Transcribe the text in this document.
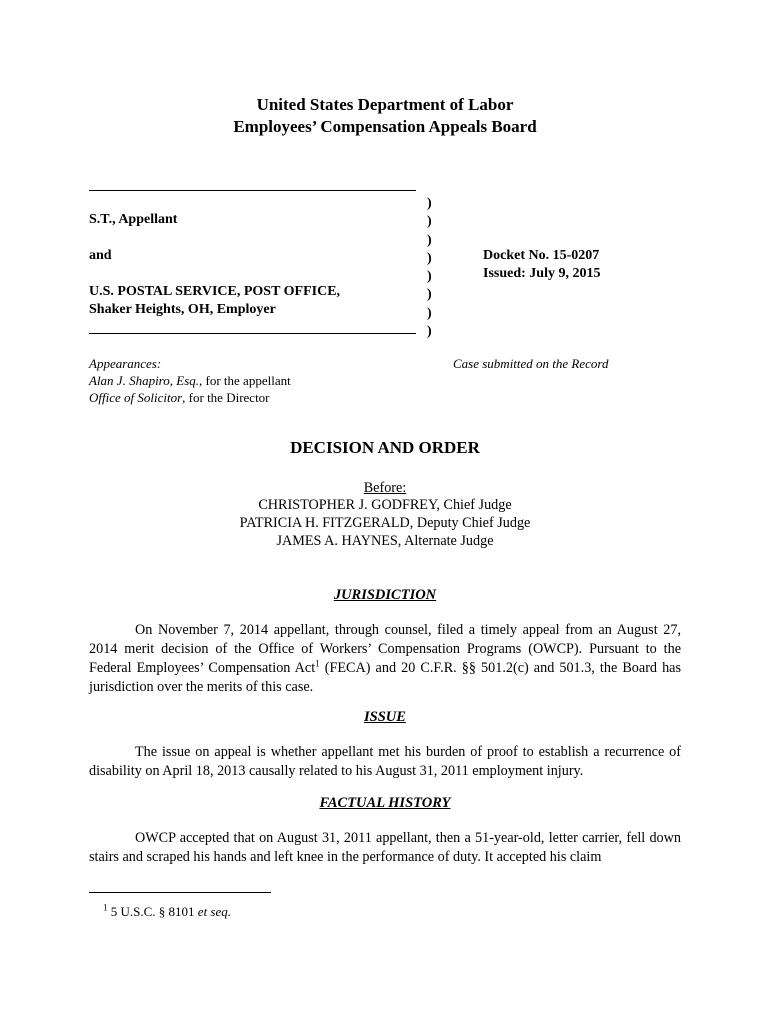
United States Department of Labor
Employees’ Compensation Appeals Board
S.T., Appellant
and
U.S. POSTAL SERVICE, POST OFFICE,
Shaker Heights, OH, Employer
)
)
)
)
)
)
)
)
Docket No. 15-0207
Issued: July 9, 2015
Appearances:
Alan J. Shapiro, Esq., for the appellant
Office of Solicitor, for the Director
Case submitted on the Record
DECISION AND ORDER
Before:
CHRISTOPHER J. GODFREY, Chief Judge
PATRICIA H. FITZGERALD, Deputy Chief Judge
JAMES A. HAYNES, Alternate Judge
JURISDICTION
On November 7, 2014 appellant, through counsel, filed a timely appeal from an August 27, 2014 merit decision of the Office of Workers’ Compensation Programs (OWCP). Pursuant to the Federal Employees’ Compensation Act$^1$ (FECA) and 20 C.F.R. §§ 501.2(c) and 501.3, the Board has jurisdiction over the merits of this case.
ISSUE
The issue on appeal is whether appellant met his burden of proof to establish a recurrence of disability on April 18, 2013 causally related to his August 31, 2011 employment injury.
FACTUAL HISTORY
OWCP accepted that on August 31, 2011 appellant, then a 51-year-old, letter carrier, fell down stairs and scraped his hands and left knee in the performance of duty. It accepted his claim
$^1$ 5 U.S.C. § 8101 et seq.
